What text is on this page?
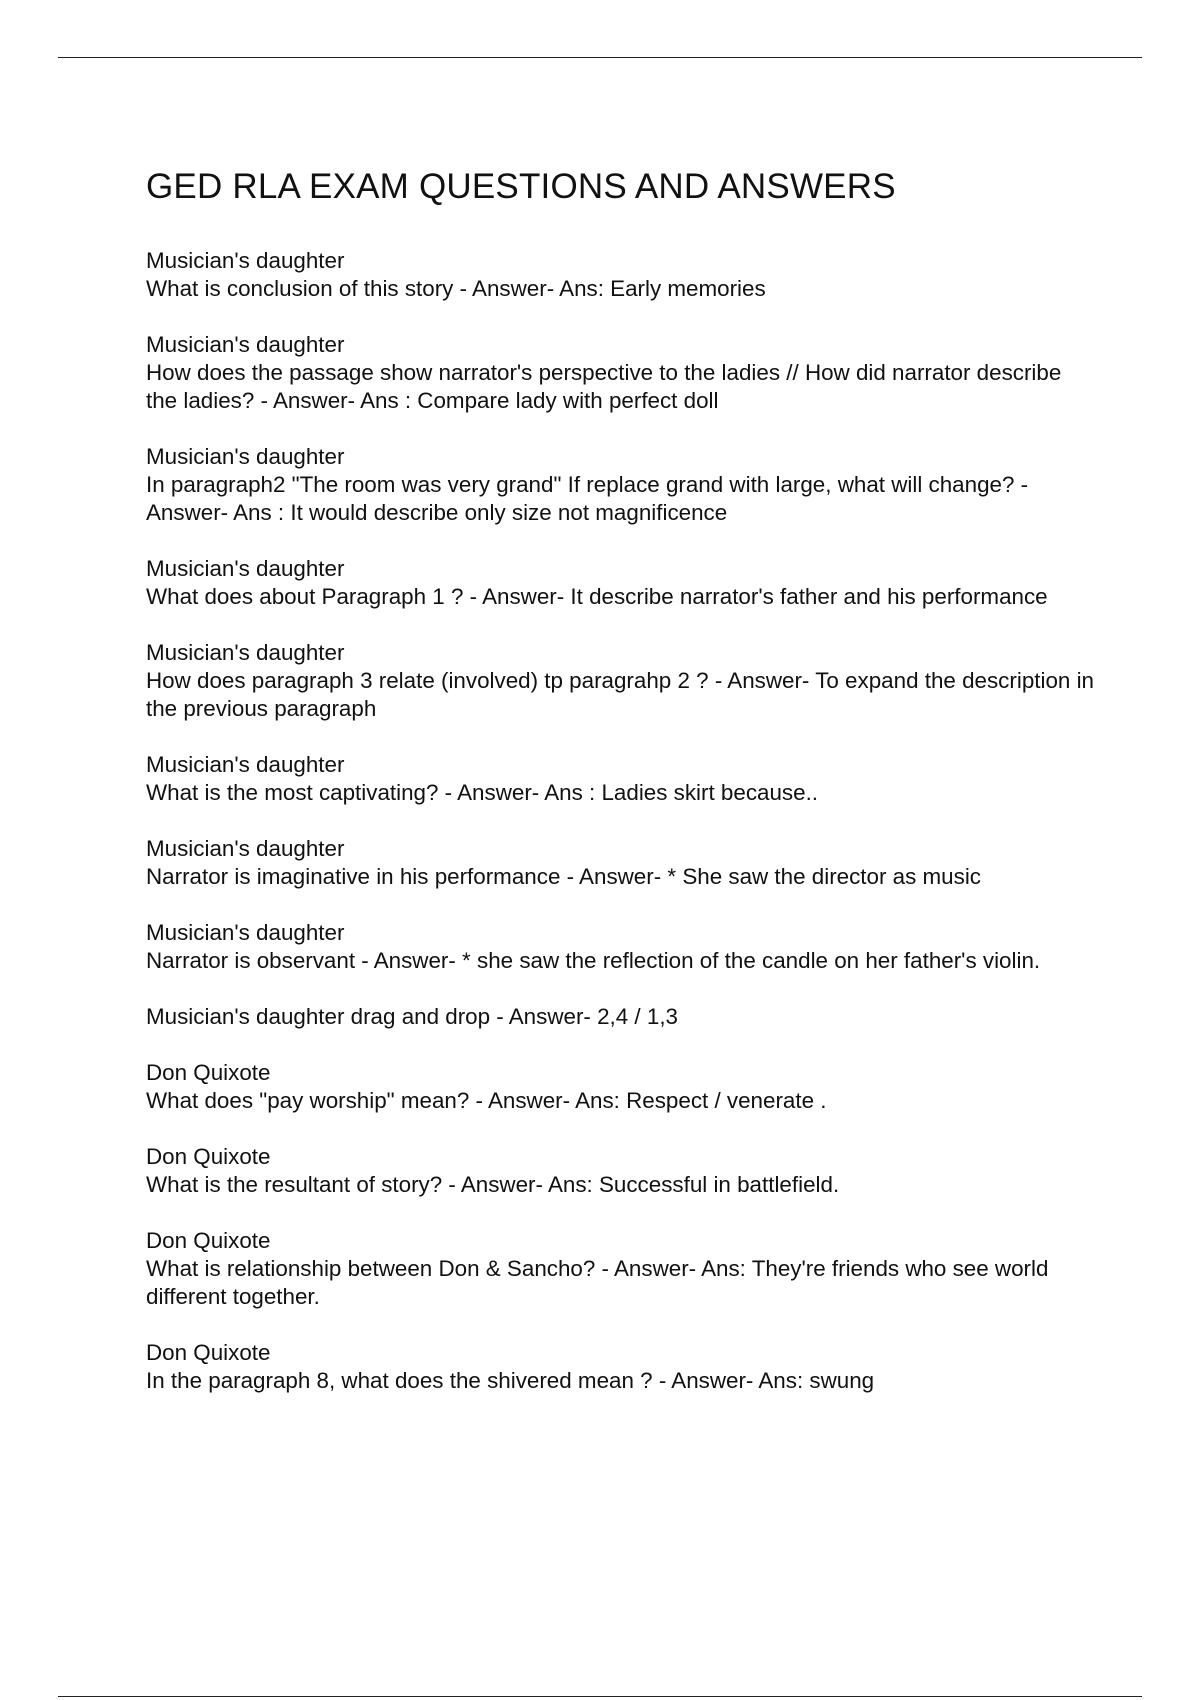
GED RLA EXAM QUESTIONS AND ANSWERS
Musician's daughter
What is conclusion of this story - Answer- Ans: Early memories
Musician's daughter
How does the passage show narrator's perspective to the ladies // How did narrator describe the ladies? - Answer- Ans : Compare lady with perfect doll
Musician's daughter
In paragraph2 "The room was very grand" If replace grand with large, what will change? - Answer- Ans : It would describe only size not magnificence
Musician's daughter
What does about Paragraph 1 ? - Answer- It describe narrator's father and his performance
Musician's daughter
How does paragraph 3 relate (involved) tp paragrahp 2 ? - Answer- To expand the description in the previous paragraph
Musician's daughter
What is the most captivating? - Answer- Ans : Ladies skirt because..
Musician's daughter
Narrator is imaginative in his performance - Answer- * She saw the director as music
Musician's daughter
Narrator is observant - Answer- * she saw the reflection of the candle on her father's violin.
Musician's daughter drag and drop - Answer- 2,4 / 1,3
Don Quixote
What does "pay worship" mean? - Answer- Ans: Respect / venerate .
Don Quixote
What is the resultant of story? - Answer- Ans: Successful in battlefield.
Don Quixote
What is relationship between Don & Sancho? - Answer- Ans: They're friends who see world different together.
Don Quixote
In the paragraph 8, what does the shivered mean ? - Answer- Ans: swung
